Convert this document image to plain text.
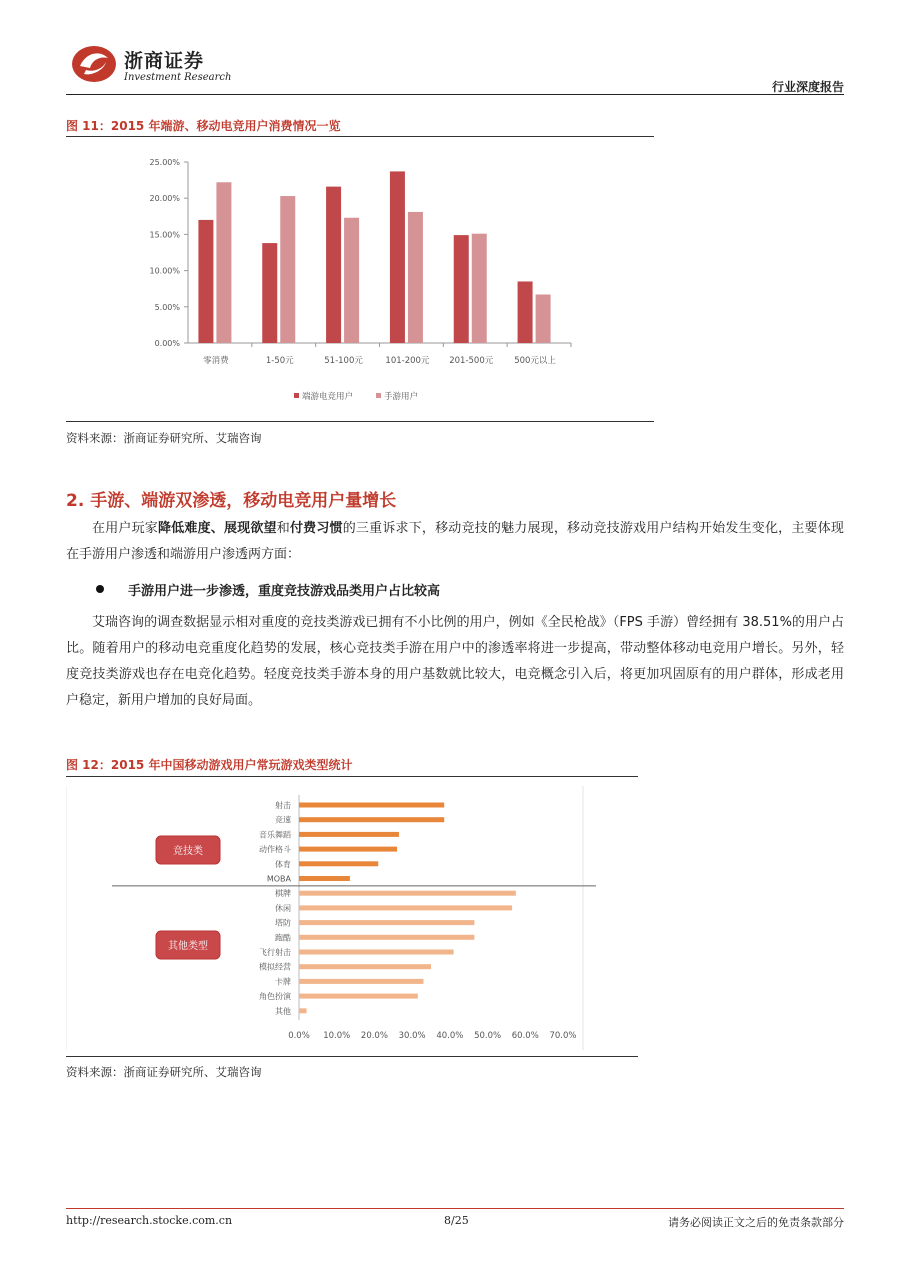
浙商证券
Investment Research
行业深度报告
图 11：2015 年端游、移动电竞用户消费情况一览
0.00%
5.00%
10.00%
15.00%
20.00%
25.00%
零消费	1-50元	51-100元	101-200元 201-500元 500元以上
端游电竞用户	手游用户
资料来源：浙商证券研究所、艾瑞咨询
2. 手游、端游双渗透，移动电竞用户量增长
在用户玩家降低难度、展现欲望和付费习惯的三重诉求下，移动竞技的魅力展现，移动竞技游戏用户结构开始发生变化，主要体现在手游用户渗透和端游用户渗透两方面：
手游用户进一步渗透，重度竞技游戏品类用户占比较高
艾瑞咨询的调查数据显示相对重度的竞技类游戏已拥有不小比例的用户，例如《全民枪战》（FPS 手游）曾经拥有 38.51%的用户占比。随着用户的移动电竞重度化趋势的发展，核心竞技类手游在用户中的渗透率将进一步提高，带动整体移动电竞用户增长。另外，轻度竞技类游戏也存在电竞化趋势。轻度竞技类手游本身的用户基数就比较大，电竞概念引入后，将更加巩固原有的用户群体，形成老用户稳定，新用户增加的良好局面。
图 12：2015 年中国移动游戏用户常玩游戏类型统计
射击
竞速
音乐舞蹈
动作格斗
体育
MOBA
棋牌
休闲
塔防
跑酷
飞行射击
模拟经营
卡牌
角色扮演
其他
竞技类
其他类型
0.0% 10.0% 20.0% 30.0% 40.0% 50.0% 60.0% 70.0%
资料来源：浙商证券研究所、艾瑞咨询
http://research.stocke.com.cn	8/25	请务必阅读正文之后的免责条款部分
